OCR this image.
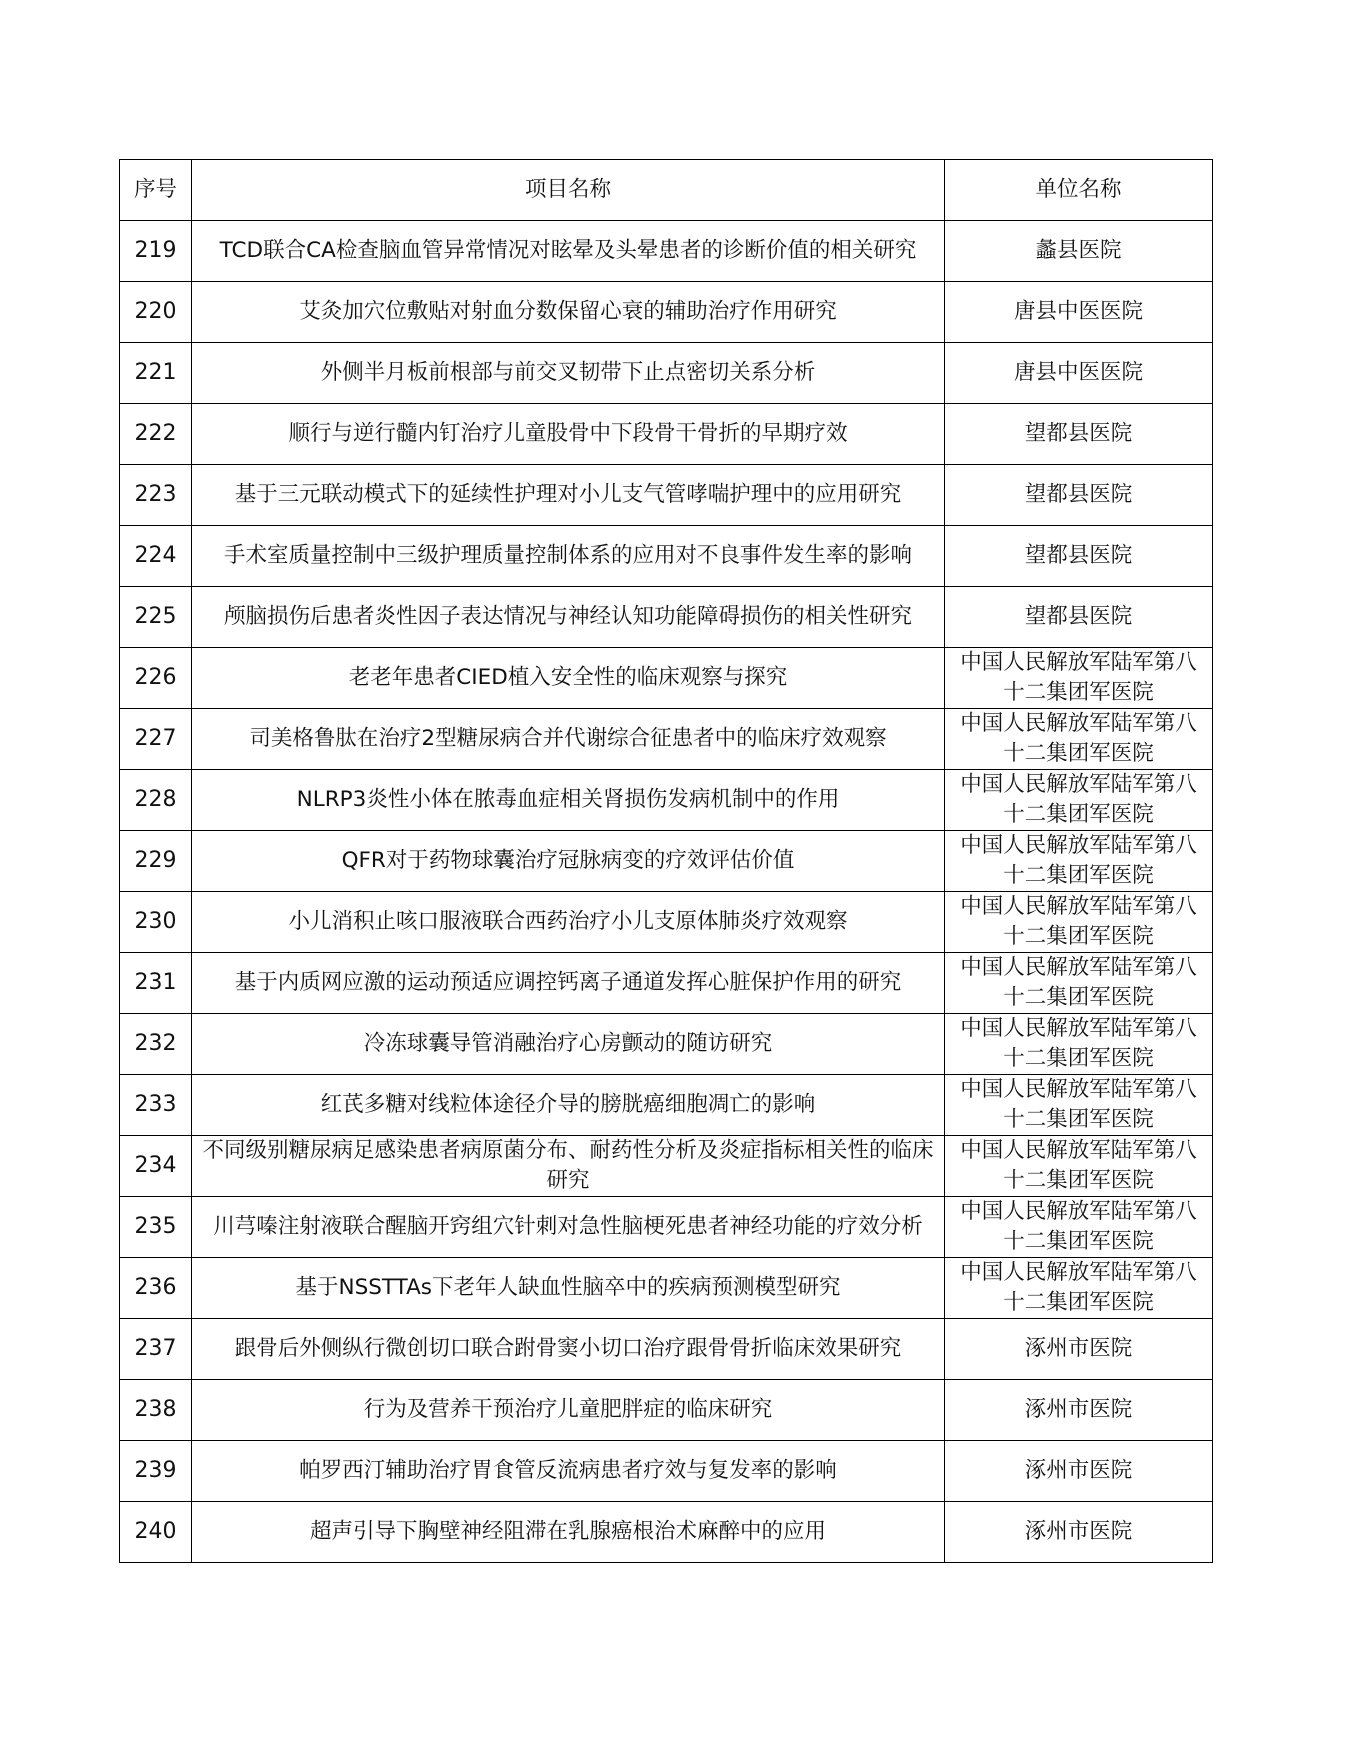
序号	项目名称	单位名称
219	TCD联合CA检查脑血管异常情况对眩晕及头晕患者的诊断价值的相关研究	蠡县医院
220	艾灸加穴位敷贴对射血分数保留心衰的辅助治疗作用研究	唐县中医医院
221	外侧半月板前根部与前交叉韧带下止点密切关系分析	唐县中医医院
222	顺行与逆行髓内钉治疗儿童股骨中下段骨干骨折的早期疗效	望都县医院
223	基于三元联动模式下的延续性护理对小儿支气管哮喘护理中的应用研究	望都县医院
224	手术室质量控制中三级护理质量控制体系的应用对不良事件发生率的影响	望都县医院
225	颅脑损伤后患者炎性因子表达情况与神经认知功能障碍损伤的相关性研究	望都县医院
226	老老年患者CIED植入安全性的临床观察与探究	中国人民解放军陆军第八十二集团军医院
227	司美格鲁肽在治疗2型糖尿病合并代谢综合征患者中的临床疗效观察	中国人民解放军陆军第八十二集团军医院
228	NLRP3炎性小体在脓毒血症相关肾损伤发病机制中的作用	中国人民解放军陆军第八十二集团军医院
229	QFR对于药物球囊治疗冠脉病变的疗效评估价值	中国人民解放军陆军第八十二集团军医院
230	小儿消积止咳口服液联合西药治疗小儿支原体肺炎疗效观察	中国人民解放军陆军第八十二集团军医院
231	基于内质网应激的运动预适应调控钙离子通道发挥心脏保护作用的研究	中国人民解放军陆军第八十二集团军医院
232	冷冻球囊导管消融治疗心房颤动的随访研究	中国人民解放军陆军第八十二集团军医院
233	红芪多糖对线粒体途径介导的膀胱癌细胞凋亡的影响	中国人民解放军陆军第八十二集团军医院
234	不同级别糖尿病足感染患者病原菌分布、耐药性分析及炎症指标相关性的临床研究	中国人民解放军陆军第八十二集团军医院
235	川芎嗪注射液联合醒脑开窍组穴针刺对急性脑梗死患者神经功能的疗效分析	中国人民解放军陆军第八十二集团军医院
236	基于NSSTTAs下老年人缺血性脑卒中的疾病预测模型研究	中国人民解放军陆军第八十二集团军医院
237	跟骨后外侧纵行微创切口联合跗骨窦小切口治疗跟骨骨折临床效果研究	涿州市医院
238	行为及营养干预治疗儿童肥胖症的临床研究	涿州市医院
239	帕罗西汀辅助治疗胃食管反流病患者疗效与复发率的影响	涿州市医院
240	超声引导下胸壁神经阻滞在乳腺癌根治术麻醉中的应用	涿州市医院
